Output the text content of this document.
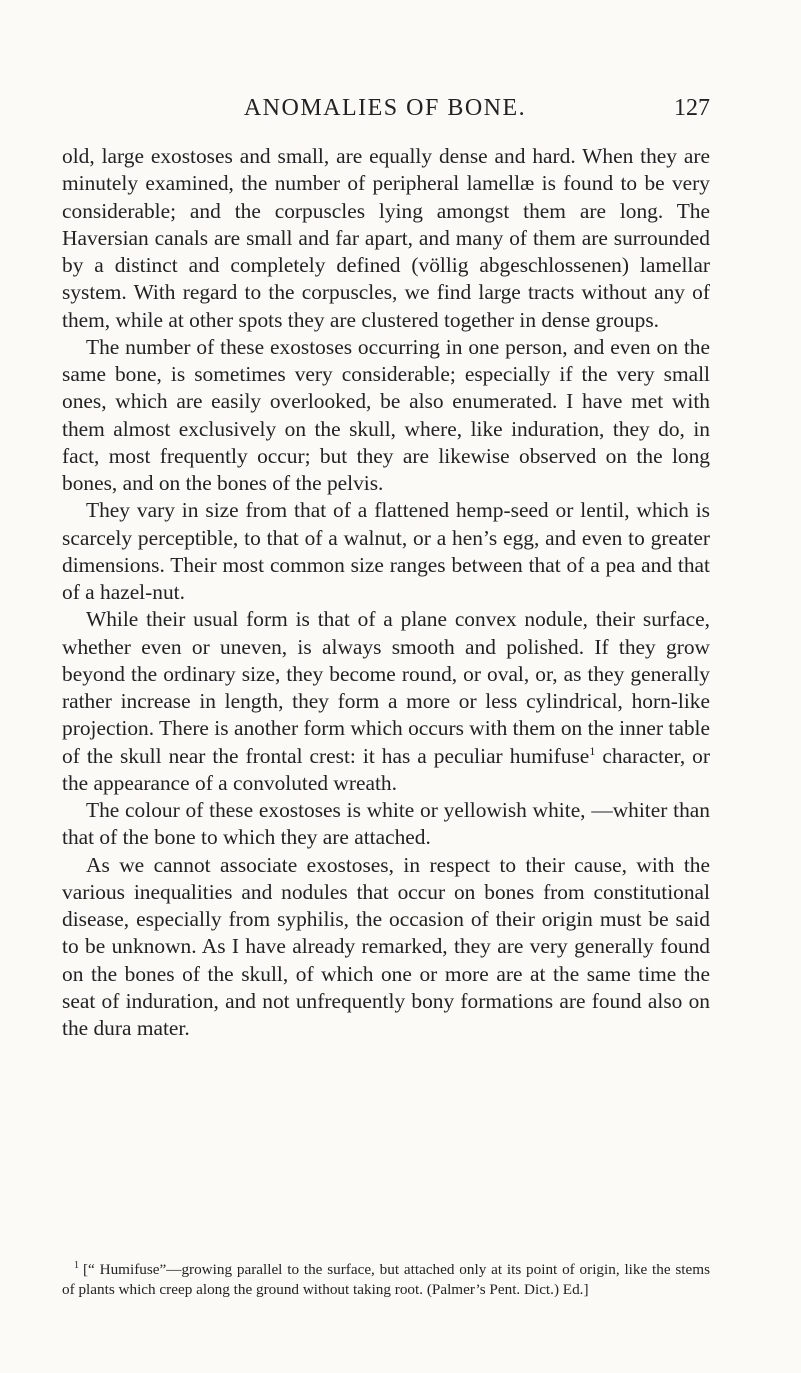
ANOMALIES OF BONE.	127

old, large exostoses and small, are equally dense and hard. When they are minutely examined, the number of peripheral lamellæ is found to be very considerable; and the corpuscles lying amongst them are long. The Haversian canals are small and far apart, and many of them are surrounded by a distinct and completely defined (völlig abgeschlossenen) lamellar system. With regard to the corpuscles, we find large tracts without any of them, while at other spots they are clustered together in dense groups.

The number of these exostoses occurring in one person, and even on the same bone, is sometimes very considerable; especially if the very small ones, which are easily overlooked, be also enumerated. I have met with them almost exclusively on the skull, where, like induration, they do, in fact, most frequently occur; but they are likewise observed on the long bones, and on the bones of the pelvis.

They vary in size from that of a flattened hemp-seed or lentil, which is scarcely perceptible, to that of a walnut, or a hen’s egg, and even to greater dimensions. Their most common size ranges between that of a pea and that of a hazel-nut.

While their usual form is that of a plane convex nodule, their surface, whether even or uneven, is always smooth and polished. If they grow beyond the ordinary size, they become round, or oval, or, as they generally rather increase in length, they form a more or less cylindrical, horn-like projection. There is another form which occurs with them on the inner table of the skull near the frontal crest: it has a peculiar humifuse$^1$ character, or the appearance of a convoluted wreath.

The colour of these exostoses is white or yellowish white, —whiter than that of the bone to which they are attached.

As we cannot associate exostoses, in respect to their cause, with the various inequalities and nodules that occur on bones from constitutional disease, especially from syphilis, the occasion of their origin must be said to be unknown. As I have already remarked, they are very generally found on the bones of the skull, of which one or more are at the same time the seat of induration, and not unfrequently bony formations are found also on the dura mater.

$^1$ [“ Humifuse”—growing parallel to the surface, but attached only at its point of origin, like the stems of plants which creep along the ground without taking root. (Palmer’s Pent. Dict.) Ed.]
